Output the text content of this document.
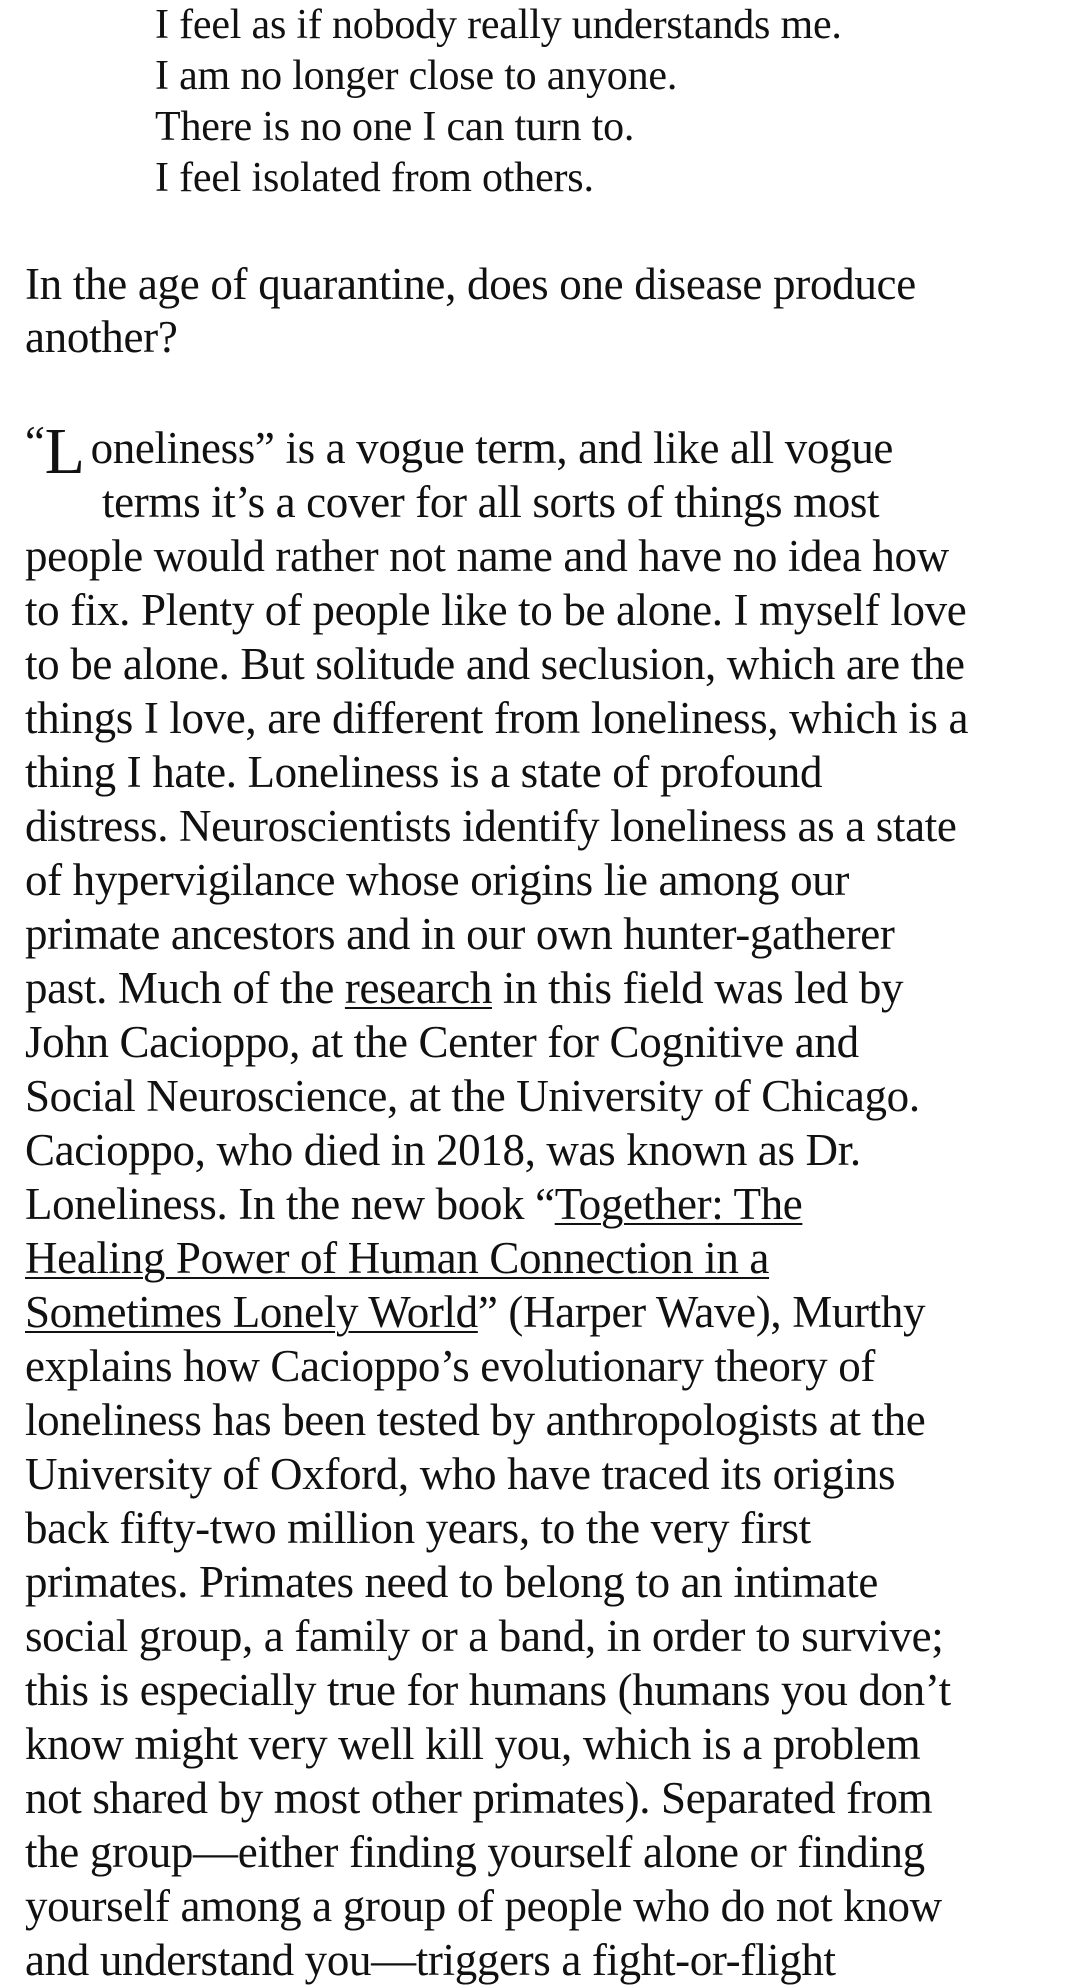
I feel as if nobody really understands me.
I am no longer close to anyone.
There is no one I can turn to.
I feel isolated from others.

In the age of quarantine, does one disease produce
another?

“L oneliness” is a vogue term, and like all vogue
terms it’s a cover for all sorts of things most
people would rather not name and have no idea how
to fix. Plenty of people like to be alone. I myself love
to be alone. But solitude and seclusion, which are the
things I love, are different from loneliness, which is a
thing I hate. Loneliness is a state of profound
distress. Neuroscientists identify loneliness as a state
of hypervigilance whose origins lie among our
primate ancestors and in our own hunter-gatherer
past. Much of the research in this field was led by
John Cacioppo, at the Center for Cognitive and
Social Neuroscience, at the University of Chicago.
Cacioppo, who died in 2018, was known as Dr.
Loneliness. In the new book “Together: The
Healing Power of Human Connection in a
Sometimes Lonely World” (Harper Wave), Murthy
explains how Cacioppo’s evolutionary theory of
loneliness has been tested by anthropologists at the
University of Oxford, who have traced its origins
back fifty-two million years, to the very first
primates. Primates need to belong to an intimate
social group, a family or a band, in order to survive;
this is especially true for humans (humans you don’t
know might very well kill you, which is a problem
not shared by most other primates). Separated from
the group—either finding yourself alone or finding
yourself among a group of people who do not know
and understand you—triggers a fight-or-flight
